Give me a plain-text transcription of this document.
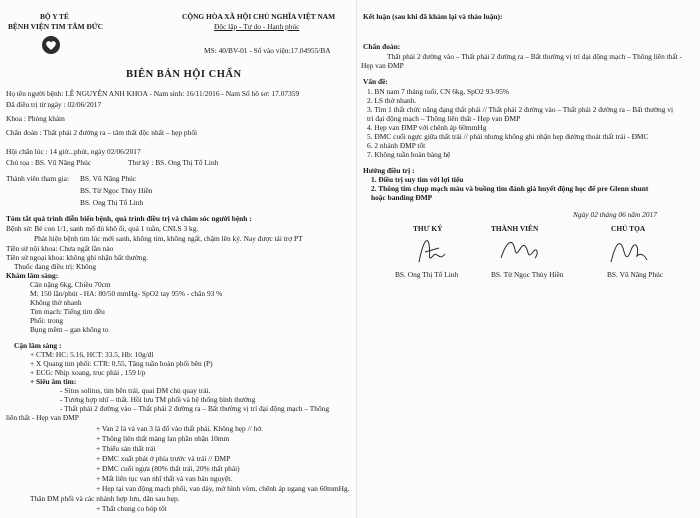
BỘ Y TẾ
BỆNH VIỆN TIM TÂM ĐỨC
CỘNG HÒA XÃ HỘI CHỦ NGHĨA VIỆT NAM
Độc lập - Tự do - Hạnh phúc
MS: 40/BV-01 - Số vào viện:17.04955/BA
BIÊN BẢN HỘI CHẨN
Họ tên người bệnh: LÊ NGUYỄN ANH KHOA - Nam sinh: 16/11/2016 - Nam Số hồ sơ: 17.07359
Đã điều trị từ ngày : 02/06/2017
Khoa : Phòng khám
Chẩn đoán : Thất phải 2 đường ra – tâm thất độc nhất – hẹp phổi
Hội chẩn lúc : 14 giờ...phút, ngày 02/06/2017
Chủ tọa : BS. Vũ Năng Phúc	Thư ký : BS. Ong Thị Tố Linh
Thành viên tham gia: BS. Vũ Năng Phúc
BS. Từ Ngọc Thùy Hiền
BS. Ong Thị Tố Linh
Tóm tắt quá trình diễn biến bệnh, quá trình điều trị và chăm sóc người bệnh :
Bệnh sử: Bé con 1/1, sanh mổ đủ khô ối, quá 1 tuần, CNLS 3 kg.
Phát hiện bệnh tim lúc mới sanh, không tím, không ngất, chậm lên ký. Nay được tái trợ PT
Tiền sử nội khoa: Chưa ngất lần nào
Tiền sử ngoại khoa: không ghi nhận bất thường.
Thuốc đang điều trị: Không
Khám lâm sàng:
Cân nặng 6kg, Chiều 70cm
M: 150 lần/phút - HA: 80/50 mmHg- SpO2 tay 95% - chân 93 %
Không thở nhanh
Tim mạch: Tiếng tim đều
Phổi: trong
Bụng mềm – gan không to
Cận lâm sàng :
+ CTM: HC: 5.16, HCT: 33.5, Hb: 10g/dl
+ X Quang tim phổi: CTR: 0.55, Tăng tuần hoàn phổi bên (P)
+ ECG: Nhịp xoang, trục phải , 159 l/p
+ Siêu âm tim:
- Situs solitus, tim bên trái, quai ĐM chủ quay trái.
- Tương hợp nhĩ – thất. Hồi lưu TM phổi và hệ thống bình thường
- Thất phải 2 đường vào – Thất phải 2 đường ra – Bất thường vị trí đại động mạch – Thông
liên thất - Hẹp van ĐMP
+ Van 2 lá và van 3 lá đổ vào thất phải. Không hẹp // hở.
+ Thông liên thất màng lan phần nhận 10mm
+ Thiểu sản thất trái
+ ĐMC xuất phát ở phía trước và trái // ĐMP
+ ĐMC cuối ngựa (80% thất trái, 20% thất phải)
+ Mất liên tục van nhĩ thất và van bán nguyệt.
+ Hẹp tại van động mạch phổi, van dày, mở hình vòm, chênh áp ngang van 60mmHg.
Thân ĐM phổi và các nhánh hợp lưu, dãn sau hẹp.
+ Thất chung co bóp tốt
Kết luận (sau khi đã khám lại và thảo luận):
Chẩn đoán:
Thất phải 2 đường vào – Thất phải 2 đường ra – Bất thường vị trí đại động mạch – Thông liên thất -
Hẹp van ĐMP
Vấn đề:
1. BN nam 7 tháng tuổi, CN 6kg, SpO2 93-95%
2. LS thở nhanh.
3. Tim 1 thất chức năng dạng thất phải // Thất phải 2 đường vào – Thất phải 2 đường ra – Bất thường vị
trí đại động mạch – Thông liên thất - Hẹp van ĐMP
4. Hẹp van ĐMP với chênh áp 60mmHg
5. ĐMC cuối ngực giữa thất trái // phải nhưng không ghi nhận hẹp đường thoát thất trái - ĐMC
6. 2 nhánh ĐMP tốt
7. Không tuần hoàn bàng hệ
Hướng điều trị :
1. Điều trị suy tim với lợi tiểu
2. Thông tim chụp mạch máu và buồng tim đánh giá huyết động học để pre Glenn shunt
hoặc banding ĐMP
Ngày 02 tháng 06 năm 2017
THƯ KÝ	THÀNH VIÊN	CHỦ TỌA
BS. Ong Thị Tố Linh	BS. Từ Ngọc Thùy Hiền	BS. Vũ Năng Phúc
